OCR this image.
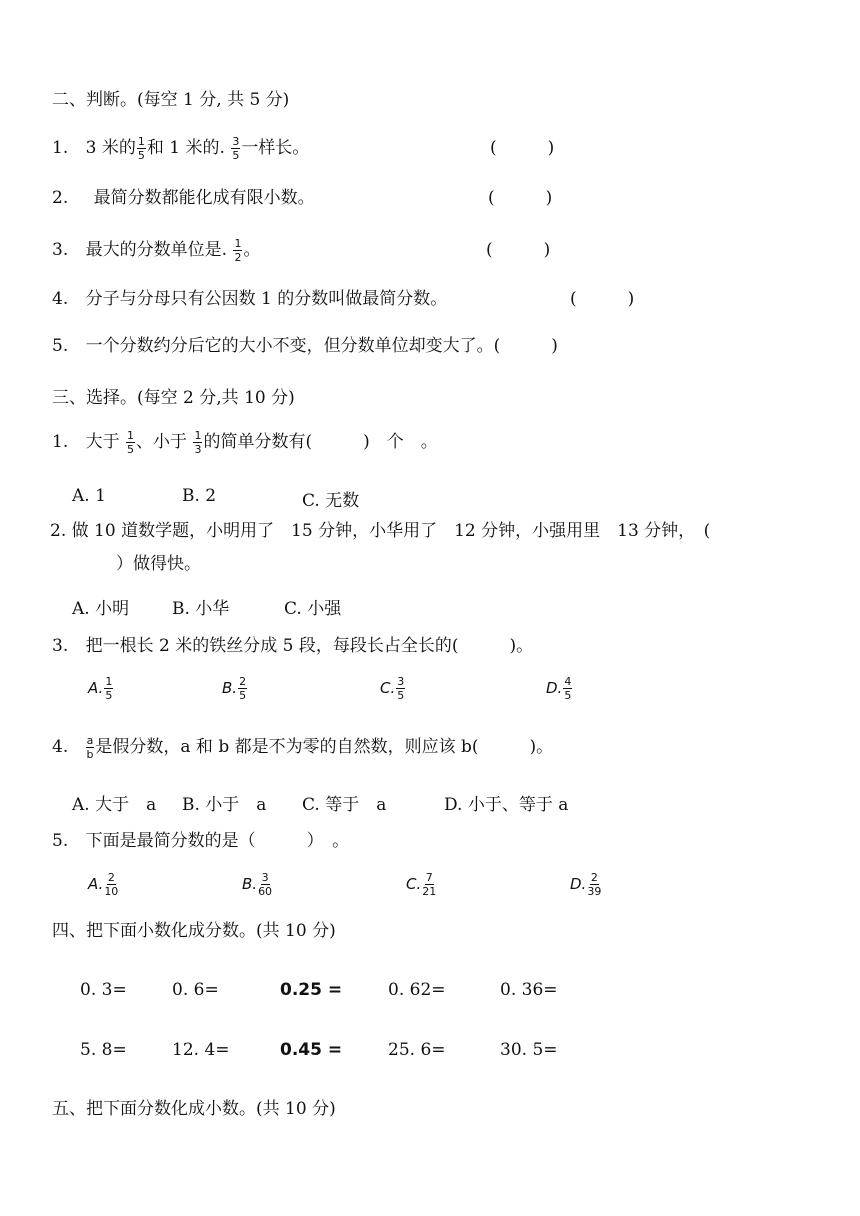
二、判断。(每空 1 分, 共 5 分)
1. 3 米的 $\frac{1}{5}$ 和 1 米的. $\frac{3}{5}$ 一样长。	(　　　)
2. 最简分数都能化成有限小数。	(　　　)
3. 最大的分数单位是. $\frac{1}{2}$ 。	(　　　)
4. 分子与分母只有公因数 1 的分数叫做最简分数。	(　　　)
5. 一个分数约分后它的大小不变，但分数单位却变大了。(　　　)
三、选择。(每空 2 分,共 10 分)
1. 大于 $\frac{1}{5}$ 、小于 $\frac{1}{3}$ 的简单分数有(　　　)　个　。
A. 1	B. 2	C. 无数
2. 做 10 道数学题，小明用了　15 分钟，小华用了　12 分钟，小强用里　13 分钟，　(
）做得快。
A. 小明	B. 小华	C. 小强
3. 把一根长 2 米的铁丝分成 5 段，每段长占全长的(　　　)。
A. $\frac{1}{5}$	B. $\frac{2}{5}$	C. $\frac{3}{5}$	D. $\frac{4}{5}$
4. $\frac{a}{b}$ 是假分数，a 和 b 都是不为零的自然数，则应该 b(　　　)。
A. 大于　a B. 小于　a C. 等于　a	D. 小于、等于 a
5. 下面是最简分数的是（　　　）　。
A. $\frac{2}{10}$	B. $\frac{3}{60}$	C. $\frac{7}{21}$	D. $\frac{2}{39}$
四、把下面小数化成分数。(共 10 分)
0. 3=	0. 6=	0.25 =	0. 62=	0. 36=
5. 8=	12. 4=	0.45 =	25. 6=	30. 5=
五、把下面分数化成小数。(共 10 分)
